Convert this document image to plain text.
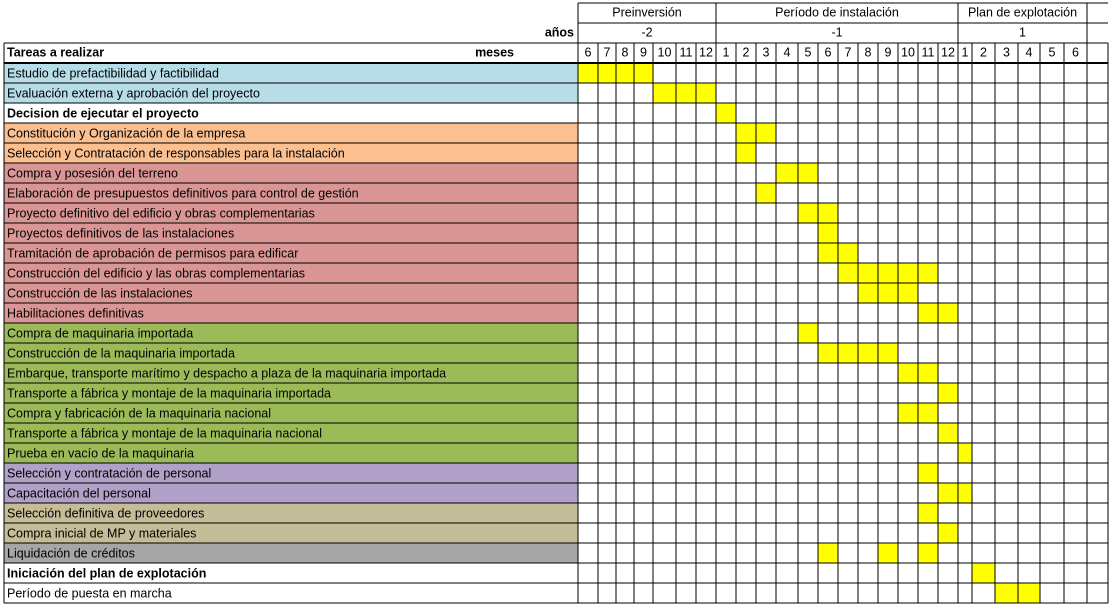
años
meses
Tareas a realizar
Preinversión
-2
6 7 8 9 10 11 12
Período de instalación
-1
1 2 3 4 5 6 7 8 9 10 11 12
Plan de explotación
1
1 2 3 4 5 6
Estudio de prefactibilidad y factibilidad
Evaluación externa y aprobación del proyecto
Decision de ejecutar el proyecto
Constitución y Organización de la empresa
Selección y Contratación de responsables para la instalación
Compra y posesión del terreno
Elaboración de presupuestos definitivos para control de gestión
Proyecto definitivo del edificio y obras complementarias
Proyectos definitivos de las instalaciones
Tramitación de aprobación de permisos para edificar
Construcción del edificio y las obras complementarias
Construcción de las instalaciones
Habilitaciones definitivas
Compra de maquinaria importada
Construcción de la maquinaria importada
Embarque, transporte marítimo y despacho a plaza de la maquinaria importada
Transporte a fábrica y montaje de la maquinaria importada
Compra y fabricación de la maquinaria nacional
Transporte a fábrica y montaje de la maquinaria nacional
Prueba en vacío de la maquinaria
Selección y contratación de personal
Capacitación del personal
Selección definitiva de proveedores
Compra inicial de MP y materiales
Liquidación de créditos
Iniciación del plan de explotación
Período de puesta en marcha
